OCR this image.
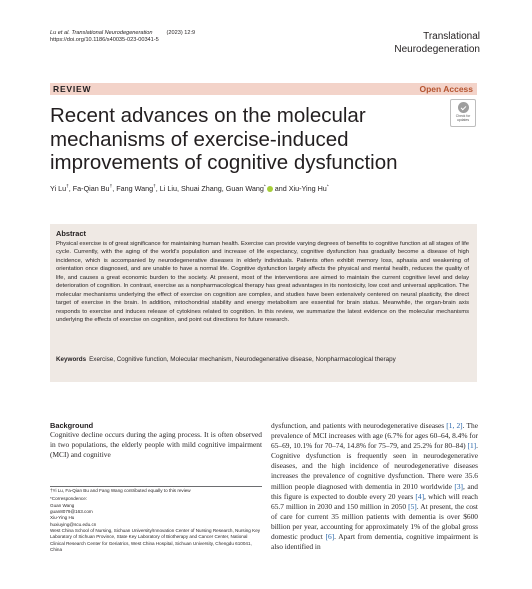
Lu et al. Translational Neurodegeneration	(2023) 12:9
https://doi.org/10.1186/s40035-023-00341-5	Translational
Neurodegeneration
REVIEW	Open Access
Recent advances on the molecular mechanisms of exercise-induced improvements of cognitive dysfunction
Check for
updates
Yi Lu†, Fa‑Qian Bu†, Fang Wang†, Li Liu, Shuai Zhang, Guan Wang* and Xiu‑Ying Hu*
Abstract
Physical exercise is of great significance for maintaining human health. Exercise can provide varying degrees of benefits to cognitive function at all stages of life cycle. Currently, with the aging of the world's population and increase of life expectancy, cognitive dysfunction has gradually become a disease of high incidence, which is accompanied by neurodegenerative diseases in elderly individuals. Patients often exhibit memory loss, aphasia and weakening of orientation once diagnosed, and are unable to have a normal life. Cognitive dysfunction largely affects the physical and mental health, reduces the quality of life, and causes a great economic burden to the society. At present, most of the interventions are aimed to maintain the current cognitive level and delay deterioration of cognition. In contrast, exercise as a nonpharmacological therapy has great advantages in its nontoxicity, low cost and universal application. The molecular mechanisms underlying the effect of exercise on cognition are complex, and studies have been extensively centered on neural plasticity, the direct target of exercise in the brain. In addition, mitochondrial stability and energy metabolism are essential for brain status. Meanwhile, the organ-brain axis responds to exercise and induces release of cytokines related to cognition. In this review, we summarize the latest evidence on the molecular mechanisms underlying the effects of exercise on cognition, and point out directions for future research.
Keywords Exercise, Cognitive function, Molecular mechanism, Neurodegenerative disease, Nonpharmacological therapy
Background
Cognitive decline occurs during the aging process. It is often observed in two populations, the elderly people with mild cognitive impairment (MCI) and cognitive

†Yi Lu, Fa‑Qian Bu and Fang Wang contributed equally to this review

*Correspondence:
Guan Wang
guan8079@163.com
Xiu‑Ying Hu
huxiuying@scu.edu.cn
West China School of Nursing, Sichuan University/Innovation Center of Nursing Research, Nursing Key Laboratory of Sichuan Province, State Key Laboratory of Biotherapy and Cancer Center, National Clinical Research Center for Geriatrics, West China Hospital, Sichuan University, Chengdu 610041, China
dysfunction, and patients with neurodegenerative diseases [1, 2]. The prevalence of MCI increases with age (6.7% for ages 60–64, 8.4% for 65–69, 10.1% for 70–74, 14.8% for 75–79, and 25.2% for 80–84) [1]. Cognitive dysfunction is frequently seen in neurodegenerative diseases, and the high incidence of neurodegenerative diseases increases the prevalence of cognitive dysfunction. There were 35.6 million people diagnosed with dementia in 2010 worldwide [3], and this figure is expected to double every 20 years [4], which will reach 65.7 million in 2030 and 150 million in 2050 [5]. At present, the cost of care for current 35 million patients with dementia is over $600 billion per year, accounting for approximately 1% of the global gross domestic product [6]. Apart from dementia, cognitive impairment is also identified in
